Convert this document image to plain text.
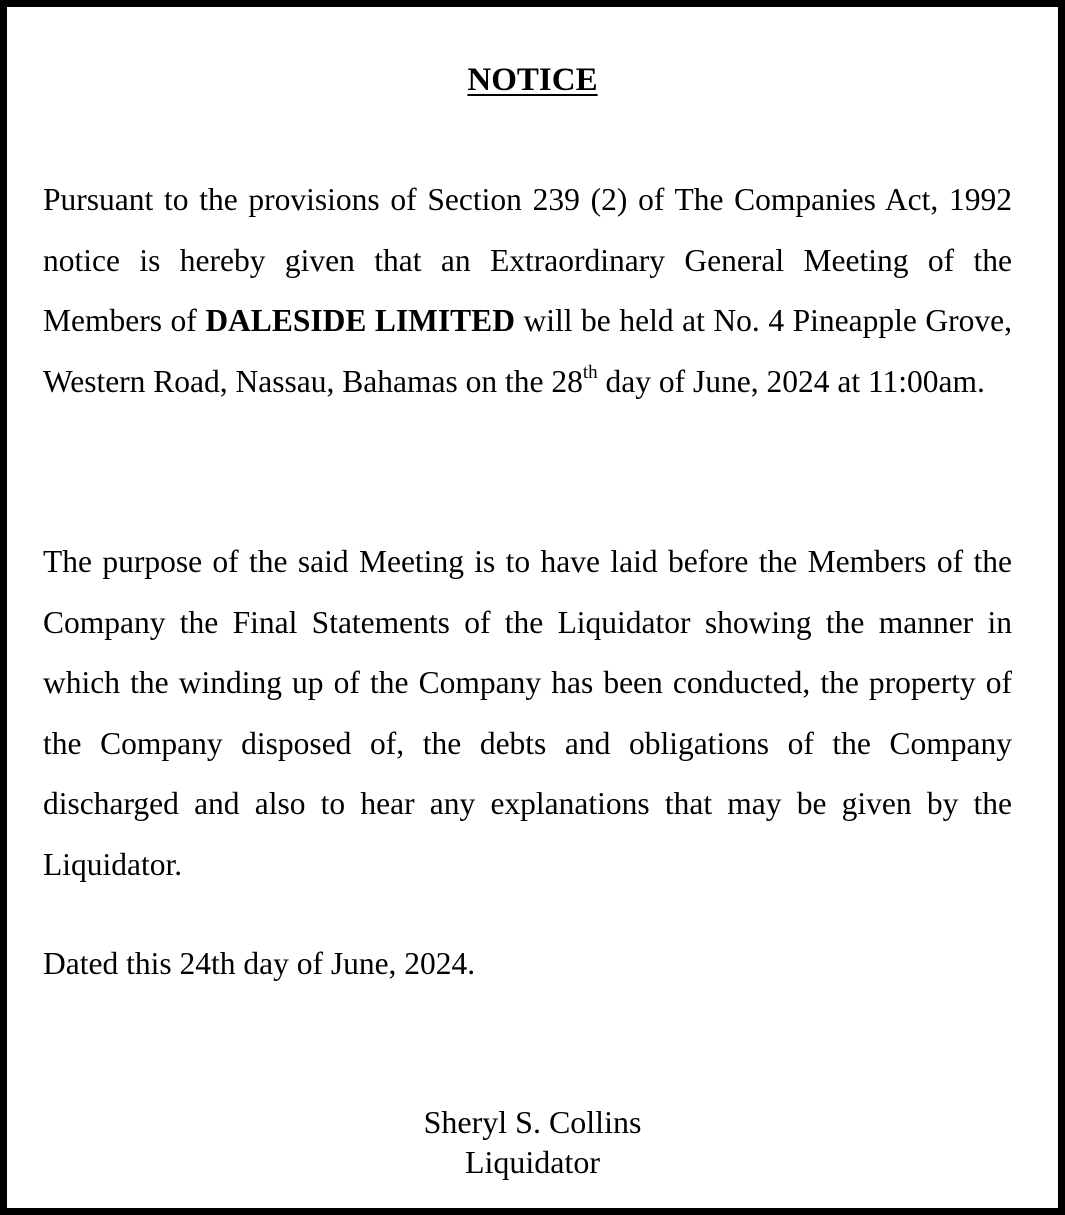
NOTICE

Pursuant to the provisions of Section 239 (2) of The Companies Act, 1992 notice is hereby given that an Extraordinary General Meeting of the Members of DALESIDE LIMITED will be held at No. 4 Pineapple Grove, Western Road, Nassau, Bahamas on the 28th day of June, 2024 at 11:00am.

The purpose of the said Meeting is to have laid before the Members of the Company the Final Statements of the Liquidator showing the manner in which the winding up of the Company has been conducted, the property of the Company disposed of, the debts and obligations of the Company discharged and also to hear any explanations that may be given by the Liquidator.

Dated this 24th day of June, 2024.

Sheryl S. Collins
Liquidator
